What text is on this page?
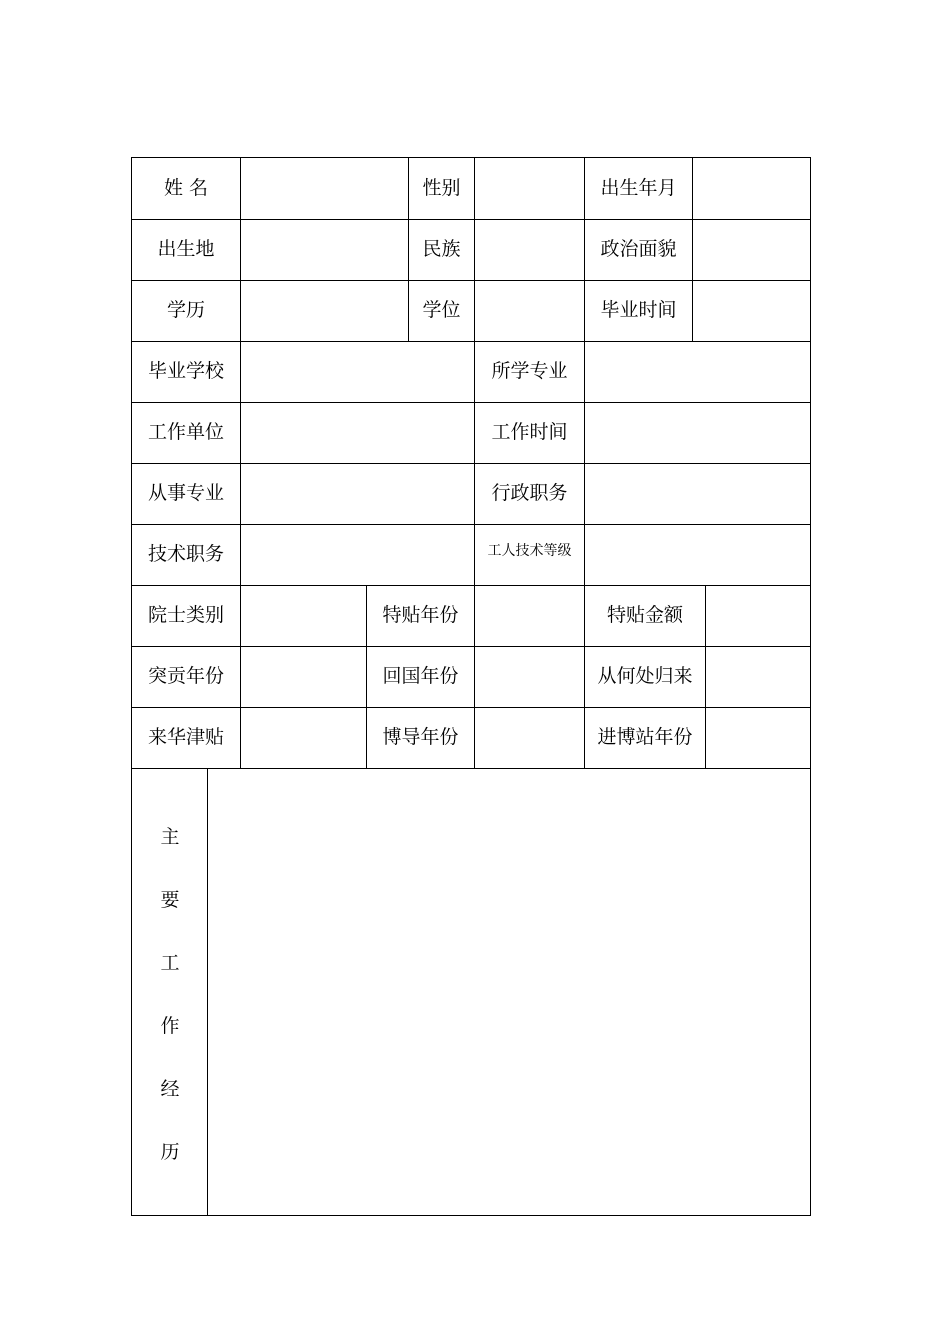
姓 名	性别	出生年月
出生地	民族	政治面貌
学历	学位	毕业时间
毕业学校	所学专业
工作单位	工作时间
从事专业	行政职务
技术职务	工人技术等级
院士类别	特贴年份	特贴金额
突贡年份	回国年份	从何处归来
来华津贴	博导年份	进博站年份
主
要
工
作
经
历
